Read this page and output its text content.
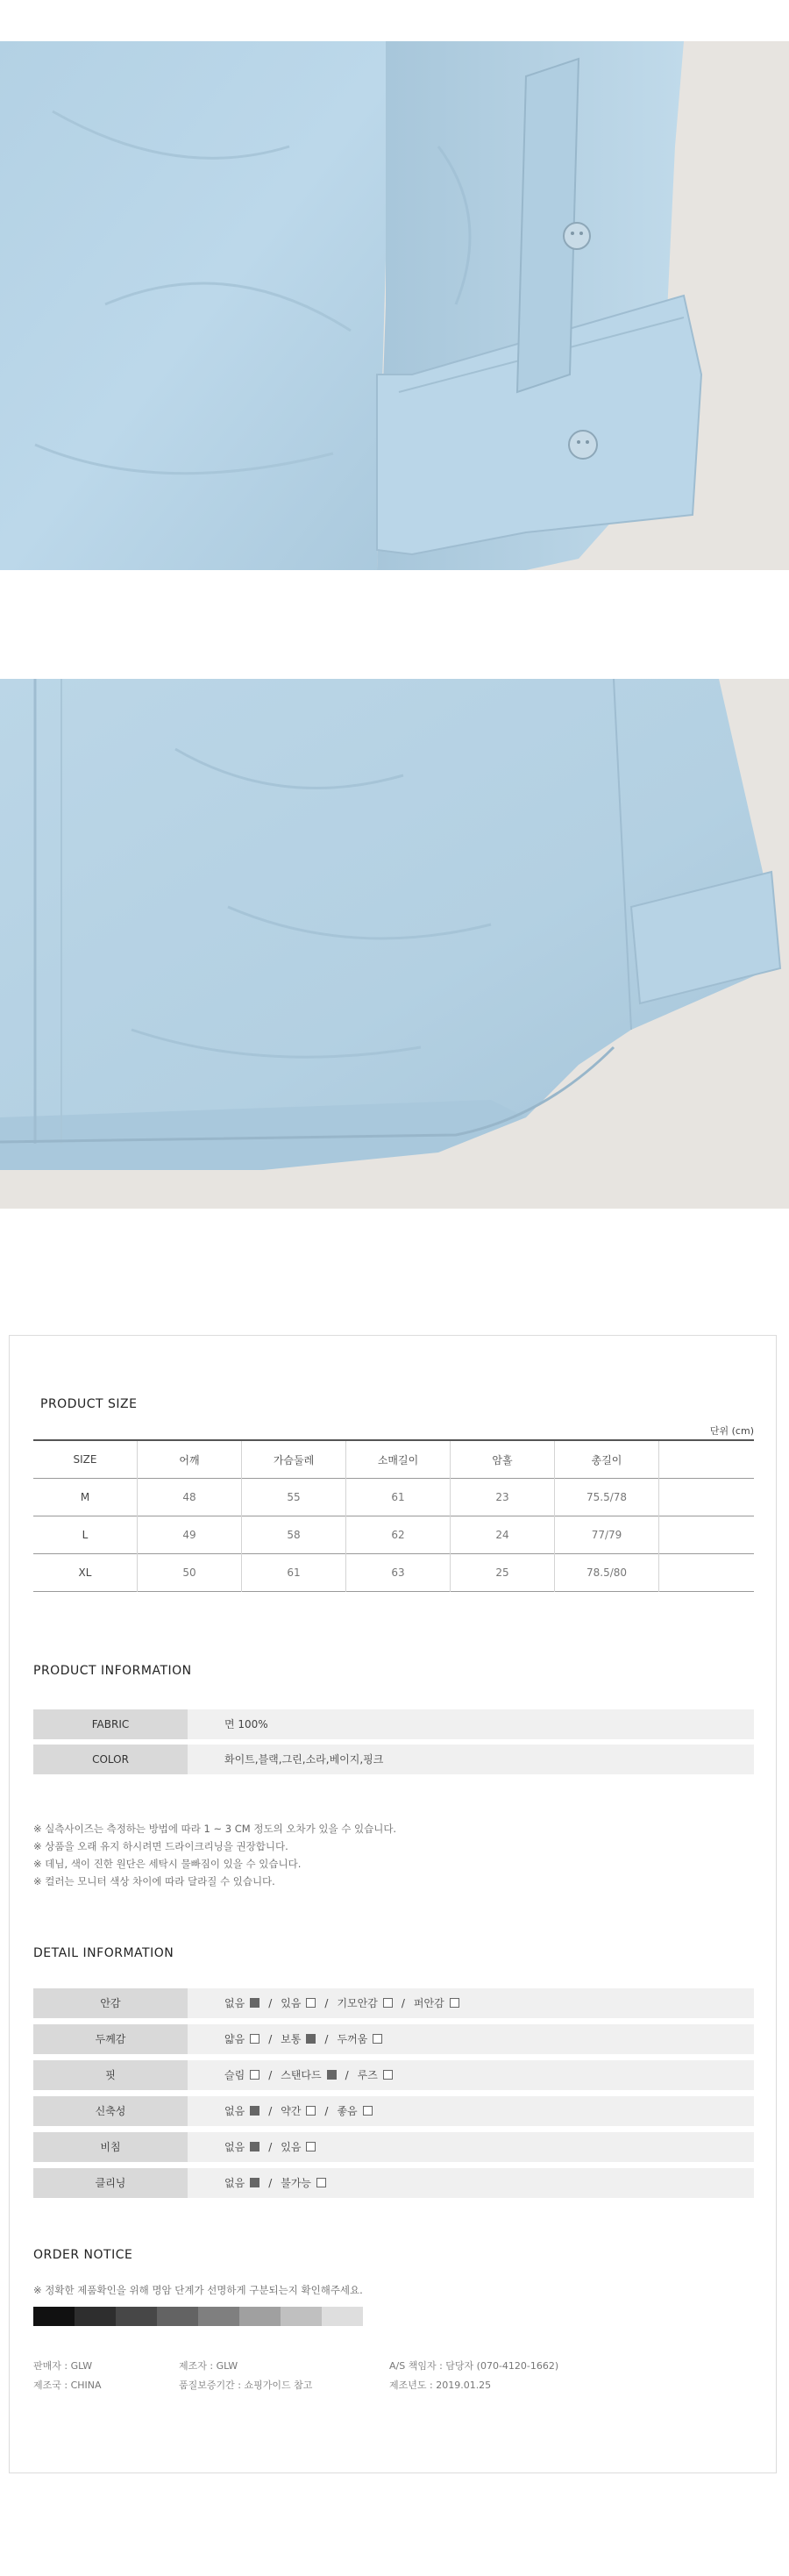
PRODUCT SIZE
단위 (cm)
SIZE	어깨	가슴둘레	소매길이	암홀	총길이	
M	48	55	61	23	75.5/78	
L	49	58	62	24	77/79	
XL	50	61	63	25	78.5/80	
PRODUCT INFORMATION
FABRIC	면 100%
COLOR	화이트,블랙,그린,소라,베이지,핑크
※ 실측사이즈는 측정하는 방법에 따라 1 ~ 3 CM 정도의 오차가 있을 수 있습니다.
※ 상품을 오래 유지 하시려면 드라이크리닝을 권장합니다.
※ 데님, 색이 진한 원단은 세탁시 물빠짐이 있을 수 있습니다.
※ 컬러는 모니터 색상 차이에 따라 달라질 수 있습니다.
DETAIL INFORMATION
안감	없음 / 있음 / 기모안감 / 퍼안감
두께감	얇음 / 보통 / 두꺼움
핏	슬림 / 스탠다드 / 루즈
신축성	없음 / 약간 / 좋음
비침	없음 / 있음
클리닝	없음 / 불가능
ORDER NOTICE
※ 정확한 제품확인을 위해 명암 단계가 선명하게 구분되는지 확인해주세요.
판매자 : GLW	제조자 : GLW	A/S 책임자 : 담당자 (070-4120-1662)
제조국 : CHINA	품질보증기간 : 쇼핑가이드 참고	제조년도 : 2019.01.25
